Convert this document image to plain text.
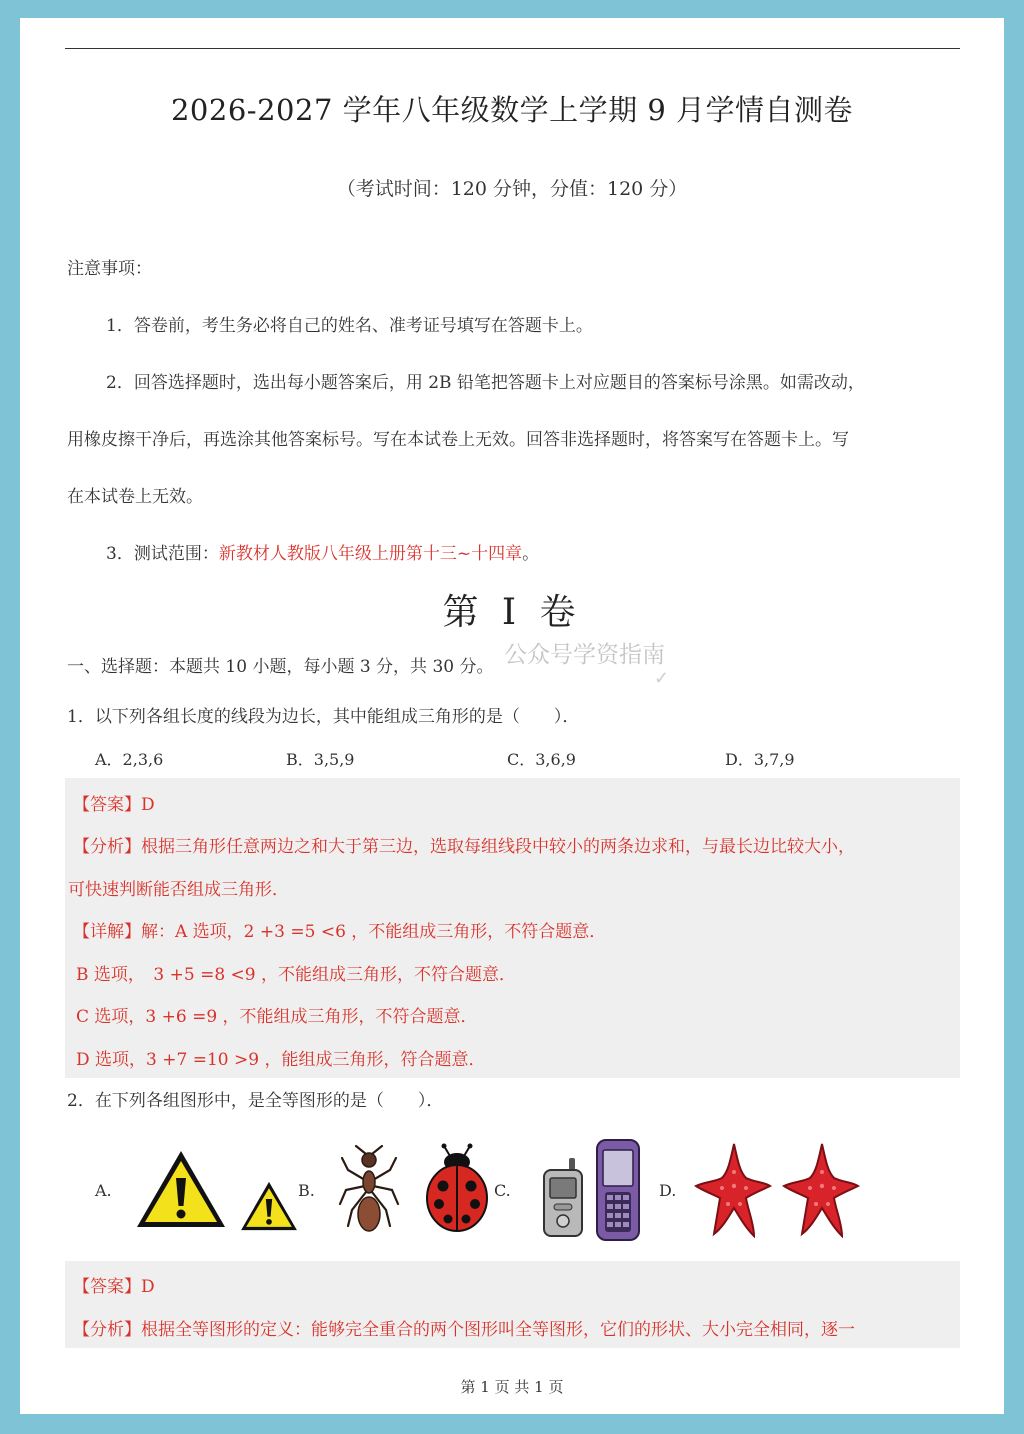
2026-2027 学年八年级数学上学期 9 月学情自测卷
（考试时间：120 分钟，分值：120 分）
注意事项：
1．答卷前，考生务必将自己的姓名、准考证号填写在答题卡上。
2．回答选择题时，选出每小题答案后，用 2B 铅笔把答题卡上对应题目的答案标号涂黑。如需改动，
用橡皮擦干净后，再选涂其他答案标号。写在本试卷上无效。回答非选择题时，将答案写在答题卡上。写
在本试卷上无效。
3．测试范围：新教材人教版八年级上册第十三~十四章。
第 I 卷
公众号学资指南
✓
一、选择题：本题共 10 小题，每小题 3 分，共 30 分。
1．以下列各组长度的线段为边长，其中能组成三角形的是（　　）．
A．2,3,6	B．3,5,9	C．3,6,9	D．3,7,9
【答案】D
【分析】根据三角形任意两边之和大于第三边，选取每组线段中较小的两条边求和，与最长边比较大小，
可快速判断能否组成三角形．
【详解】解：A 选项，2 +3 =5 <6 ，不能组成三角形，不符合题意．
B 选项，　3 +5 =8 <9 ，不能组成三角形，不符合题意．
C 选项，3 +6 =9 ，不能组成三角形，不符合题意．
D 选项，3 +7 =10 >9 ，能组成三角形，符合题意．
2．在下列各组图形中，是全等图形的是（　　）．
A.	B.	C.	D.
【答案】D
【分析】根据全等图形的定义：能够完全重合的两个图形叫全等图形，它们的形状、大小完全相同，逐一
第 1 页 共 1 页
